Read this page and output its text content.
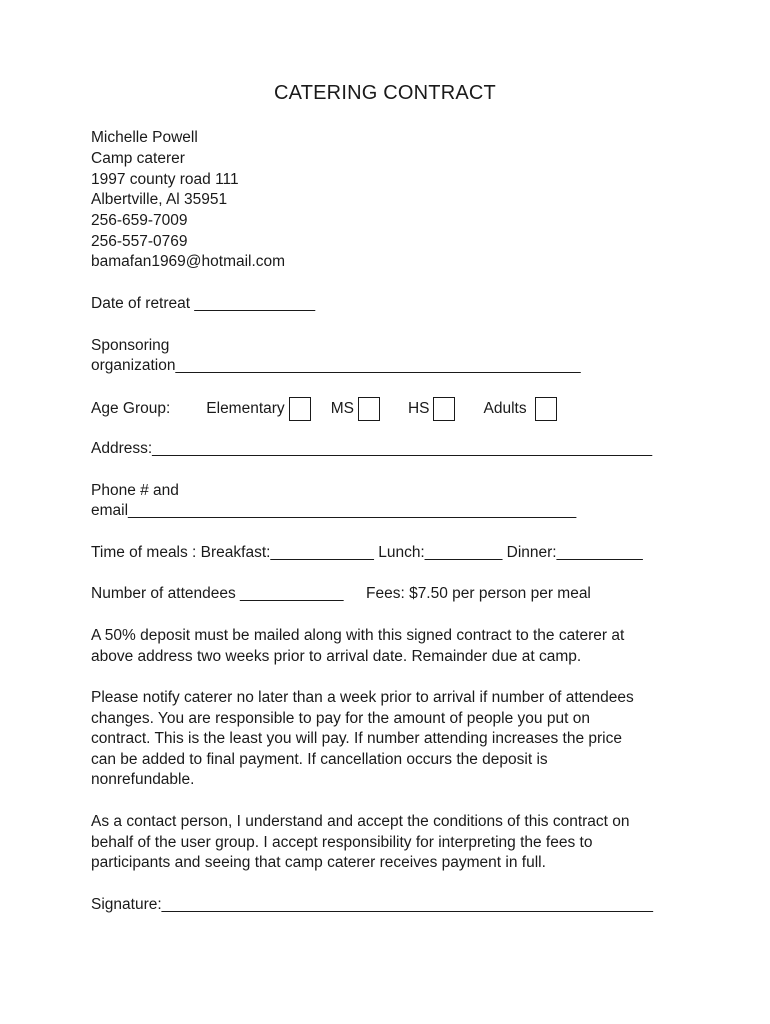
CATERING CONTRACT
Michelle Powell
Camp caterer
1997 county road 111
Albertville, Al 35951
256-659-7009
256-557-0769
bamafan1969@hotmail.com
Date of retreat ______________
Sponsoring
organization_______________________________________________
Age Group: Elementary	MS	HS	Adults
Address:__________________________________________________________
Phone # and
email____________________________________________________
Time of meals : Breakfast:____________ Lunch:_________ Dinner:__________
Number of attendees ____________ Fees: $7.50 per person per meal
A 50% deposit must be mailed along with this signed contract to the caterer at
above address two weeks prior to arrival date. Remainder due at camp.
Please notify caterer no later than a week prior to arrival if number of attendees
changes. You are responsible to pay for the amount of people you put on
contract. This is the least you will pay. If number attending increases the price
can be added to final payment. If cancellation occurs the deposit is
nonrefundable.
As a contact person, I understand and accept the conditions of this contract on
behalf of the user group. I accept responsibility for interpreting the fees to
participants and seeing that camp caterer receives payment in full.
Signature:_________________________________________________________
